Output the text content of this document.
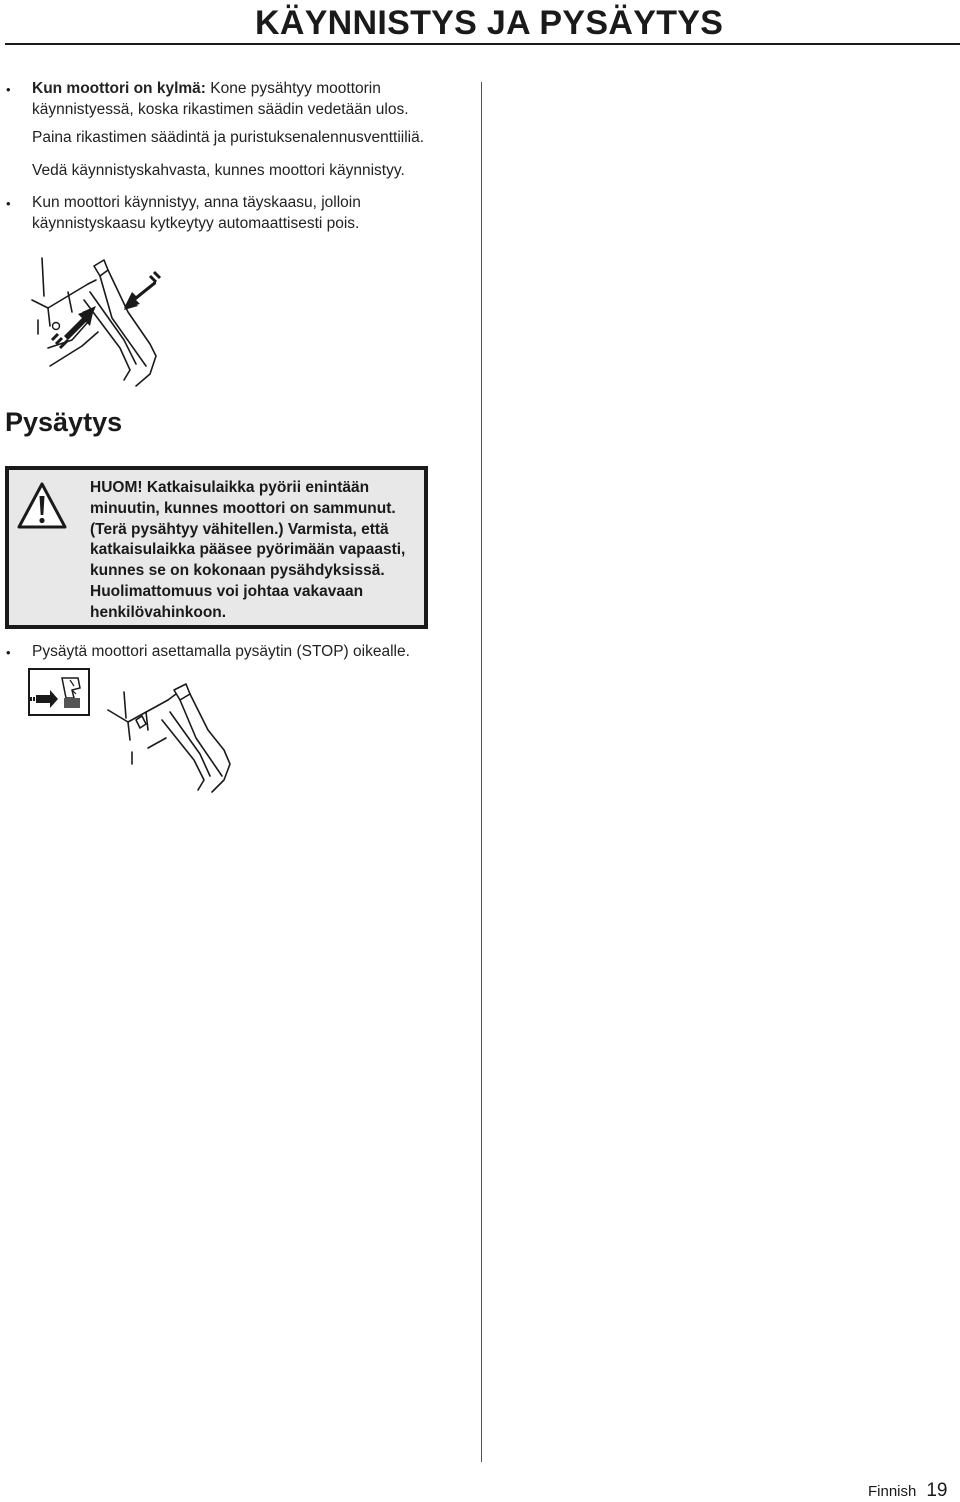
KÄYNNISTYS JA PYSÄYTYS
• Kun moottori on kylmä: Kone pysähtyy moottorin käynnistyessä, koska rikastimen säädin vedetään ulos.
Paina rikastimen säädintä ja puristuksenalennusventtiiliä.
Vedä käynnistyskahvasta, kunnes moottori käynnistyy.
• Kun moottori käynnistyy, anna täyskaasu, jolloin käynnistyskaasu kytkeytyy automaattisesti pois.
Pysäytys
HUOM! Katkaisulaikka pyörii enintään minuutin, kunnes moottori on sammunut. (Terä pysähtyy vähitellen.) Varmista, että katkaisulaikka pääsee pyörimään vapaasti, kunnes se on kokonaan pysähdyksissä. Huolimattomuus voi johtaa vakavaan henkilövahinkoon.
• Pysäytä moottori asettamalla pysäytin (STOP) oikealle.
Finnish 19
